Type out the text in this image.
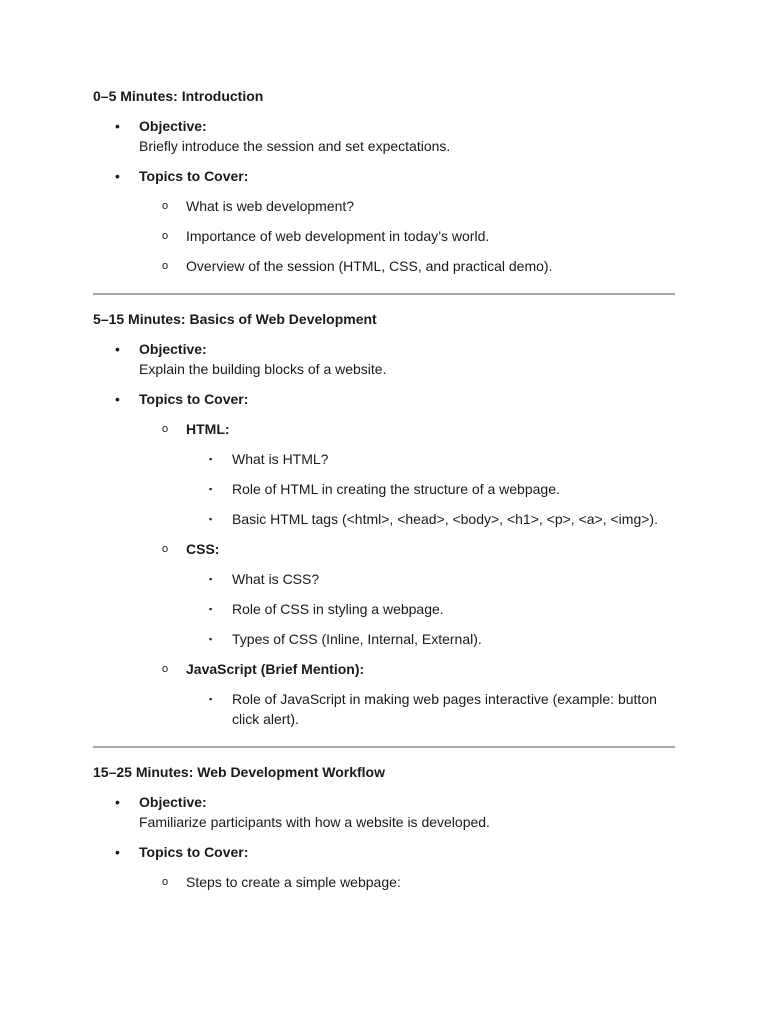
0–5 Minutes: Introduction

• Objective:
Briefly introduce the session and set expectations.
• Topics to Cover:
o What is web development?
o Importance of web development in today’s world.
o Overview of the session (HTML, CSS, and practical demo).

5–15 Minutes: Basics of Web Development

• Objective:
Explain the building blocks of a website.
• Topics to Cover:
o HTML:
▪ What is HTML?
▪ Role of HTML in creating the structure of a webpage.
▪ Basic HTML tags (<html>, <head>, <body>, <h1>, <p>, <a>, <img>).
o CSS:
▪ What is CSS?
▪ Role of CSS in styling a webpage.
▪ Types of CSS (Inline, Internal, External).
o JavaScript (Brief Mention):
▪ Role of JavaScript in making web pages interactive (example: button click alert).

15–25 Minutes: Web Development Workflow

• Objective:
Familiarize participants with how a website is developed.
• Topics to Cover:
o Steps to create a simple webpage:
